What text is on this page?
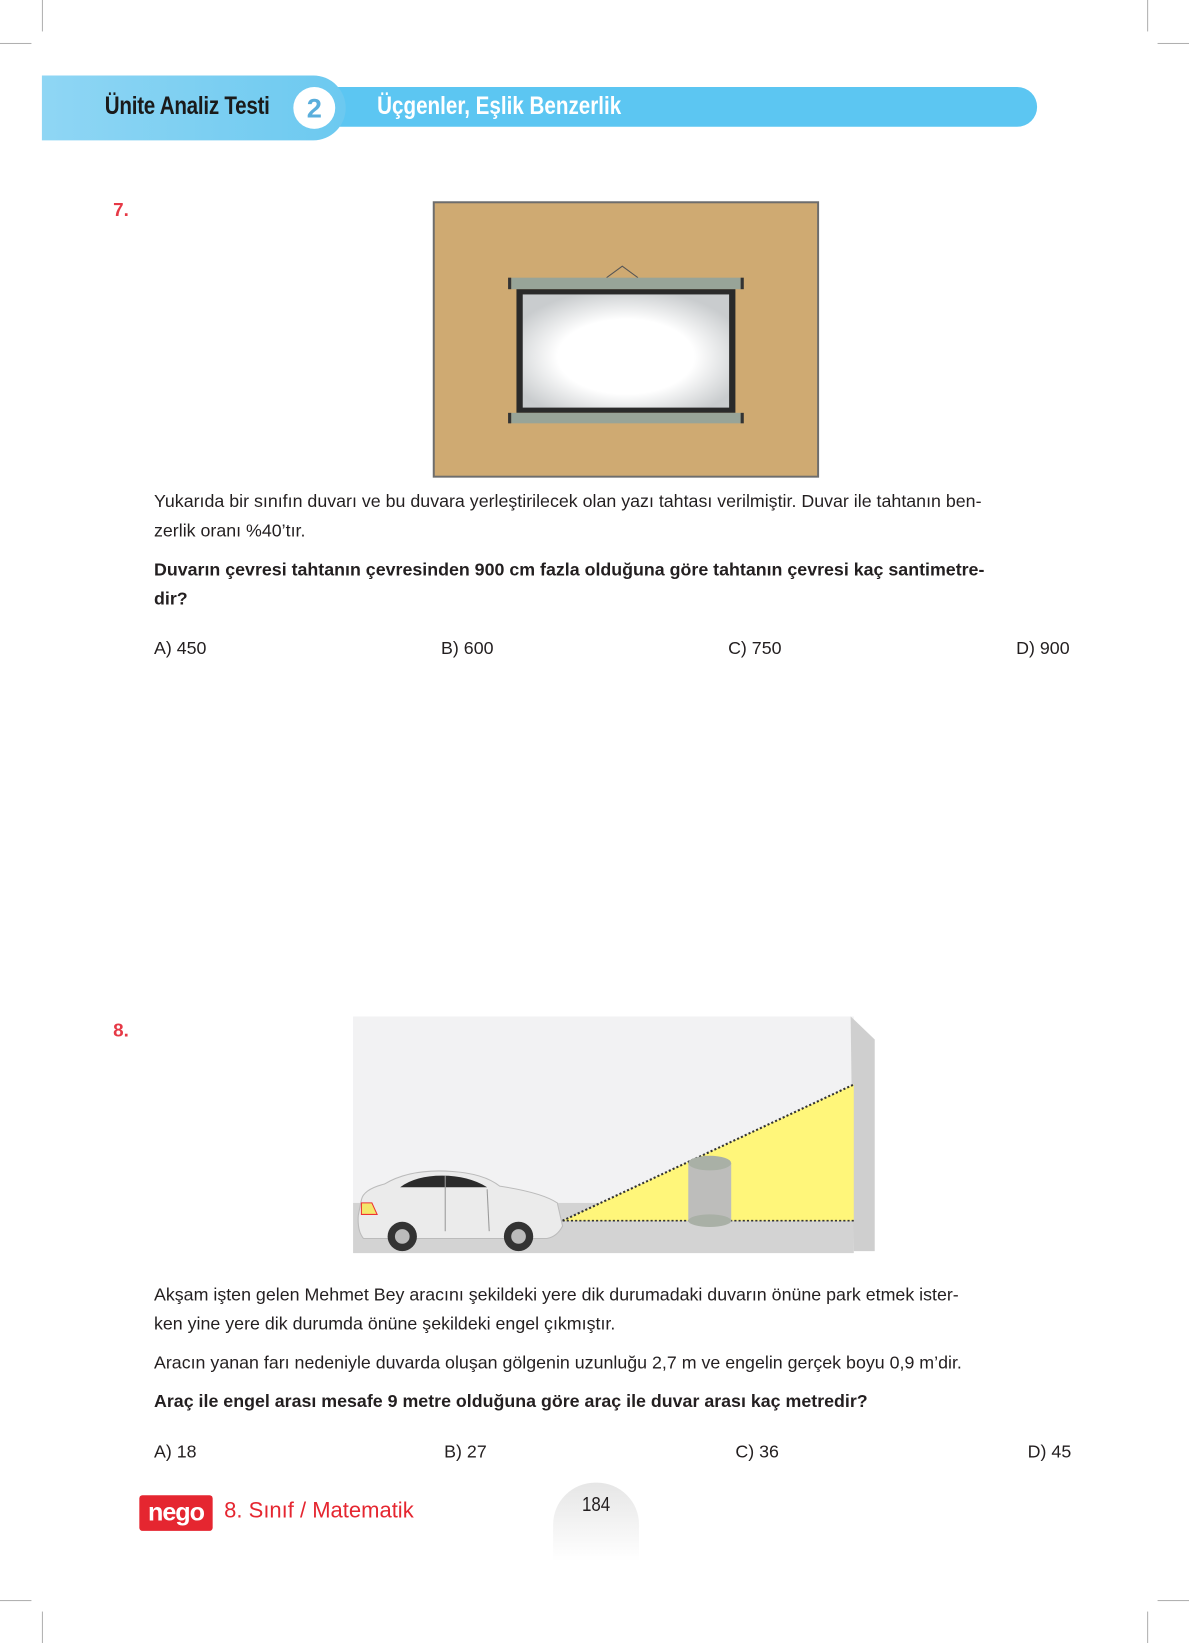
Ünite Analiz Testi	2	Üçgenler, Eşlik Benzerlik
7.
Yukarıda bir sınıfın duvarı ve bu duvara yerleştirilecek olan yazı tahtası verilmiştir. Duvar ile tahtanın ben-
zerlik oranı %40’tır.
Duvarın çevresi tahtanın çevresinden 900 cm fazla olduğuna göre tahtanın çevresi kaç santimetre-
dir?
A) 450	B) 600	C) 750	D) 900
8.
Akşam işten gelen Mehmet Bey aracını şekildeki yere dik durumadaki duvarın önüne park etmek ister-
ken yine yere dik durumda önüne şekildeki engel çıkmıştır.
Aracın yanan farı nedeniyle duvarda oluşan gölgenin uzunluğu 2,7 m ve engelin gerçek boyu 0,9 m’dir.
Araç ile engel arası mesafe 9 metre olduğuna göre araç ile duvar arası kaç metredir?
A) 18	B) 27	C) 36	D) 45
nego 8. Sınıf / Matematik	184
